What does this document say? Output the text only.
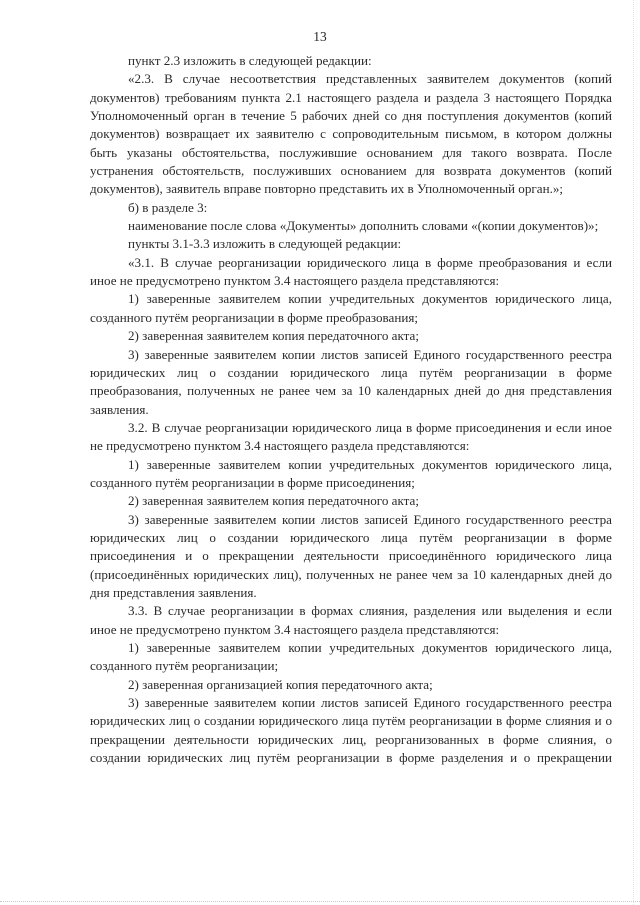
13

пункт 2.3 изложить в следующей редакции:

«2.3. В случае несоответствия представленных заявителем документов (копий документов) требованиям пункта 2.1 настоящего раздела и раздела 3 настоящего Порядка Уполномоченный орган в течение 5 рабочих дней со дня поступления документов (копий документов) возвращает их заявителю с сопроводительным письмом, в котором должны быть указаны обстоятельства, послужившие основанием для такого возврата. После устранения обстоятельств, послуживших основанием для возврата документов (копий документов), заявитель вправе повторно представить их в Уполномоченный орган.»;

б) в разделе 3:

наименование после слова «Документы» дополнить словами «(копии документов)»;

пункты 3.1-3.3 изложить в следующей редакции:

«3.1. В случае реорганизации юридического лица в форме преобразования и если иное не предусмотрено пунктом 3.4 настоящего раздела представляются:

1) заверенные заявителем копии учредительных документов юридического лица, созданного путём реорганизации в форме преобразования;

2) заверенная заявителем копия передаточного акта;

3) заверенные заявителем копии листов записей Единого государственного реестра юридических лиц о создании юридического лица путём реорганизации в форме преобразования, полученных не ранее чем за 10 календарных дней до дня представления заявления.

3.2. В случае реорганизации юридического лица в форме присоединения и если иное не предусмотрено пунктом 3.4 настоящего раздела представляются:

1) заверенные заявителем копии учредительных документов юридического лица, созданного путём реорганизации в форме присоединения;

2) заверенная заявителем копия передаточного акта;

3) заверенные заявителем копии листов записей Единого государственного реестра юридических лиц о создании юридического лица путём реорганизации в форме присоединения и о прекращении деятельности присоединённого юридического лица (присоединённых юридических лиц), полученных не ранее чем за 10 календарных дней до дня представления заявления.

3.3. В случае реорганизации в формах слияния, разделения или выделения и если иное не предусмотрено пунктом 3.4 настоящего раздела представляются:

1) заверенные заявителем копии учредительных документов юридического лица, созданного путём реорганизации;

2) заверенная организацией копия передаточного акта;

3) заверенные заявителем копии листов записей Единого государственного реестра юридических лиц о создании юридического лица путём реорганизации в форме слияния и о прекращении деятельности юридических лиц, реорганизованных в форме слияния, о создании юридических лиц путём реорганизации в форме разделения и о прекращении
